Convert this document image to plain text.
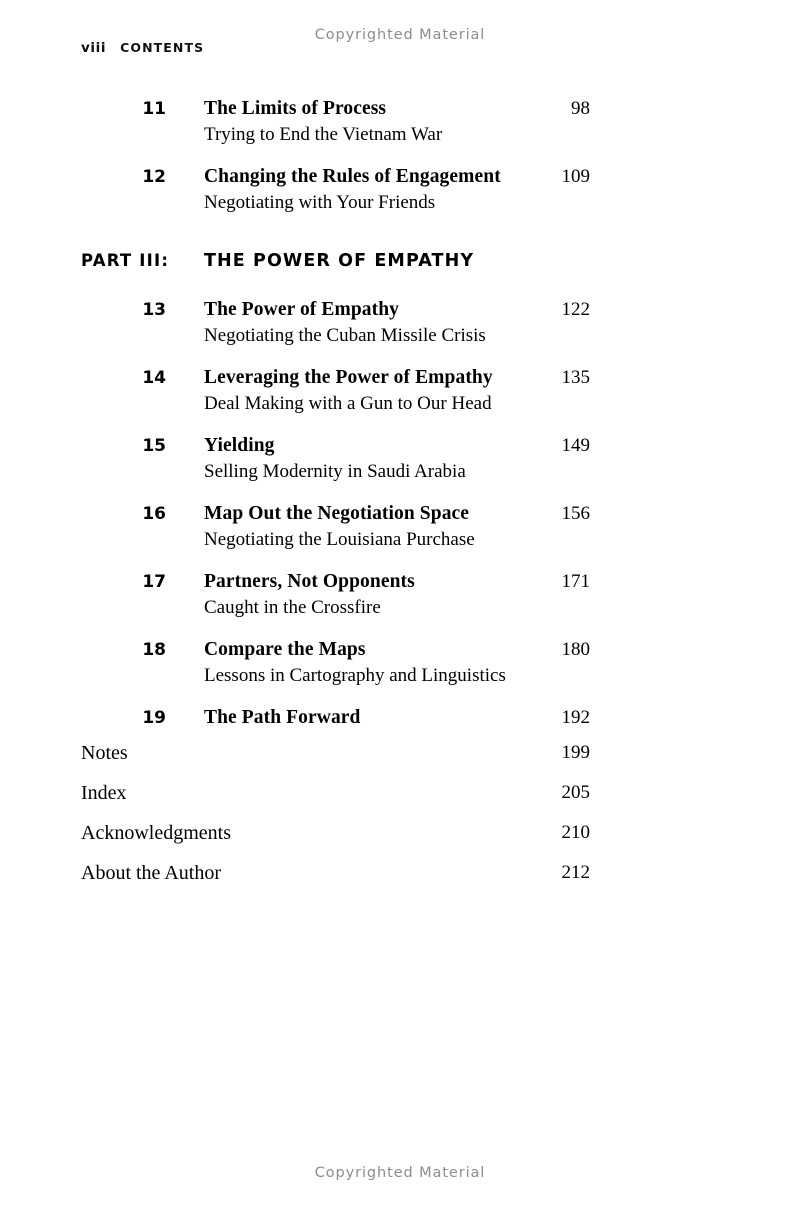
Copyrighted Material
viii CONTENTS
11 The Limits of Process	98
Trying to End the Vietnam War
12 Changing the Rules of Engagement	109
Negotiating with Your Friends
PART III: THE POWER OF EMPATHY
13 The Power of Empathy	122
Negotiating the Cuban Missile Crisis
14 Leveraging the Power of Empathy	135
Deal Making with a Gun to Our Head
15 Yielding	149
Selling Modernity in Saudi Arabia
16 Map Out the Negotiation Space	156
Negotiating the Louisiana Purchase
17 Partners, Not Opponents	171
Caught in the Crossfire
18 Compare the Maps	180
Lessons in Cartography and Linguistics
19 The Path Forward	192
Notes	199
Index	205
Acknowledgments	210
About the Author	212
Copyrighted Material
